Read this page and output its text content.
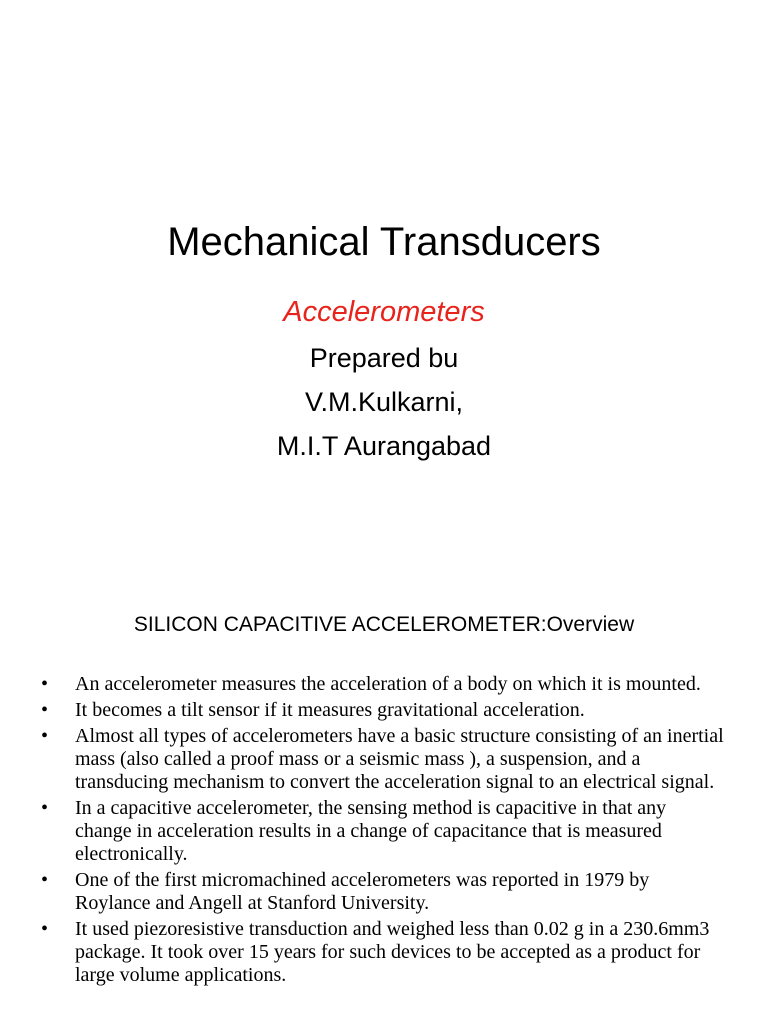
Mechanical Transducers
Accelerometers
Prepared bu
V.M.Kulkarni,
M.I.T Aurangabad
SILICON CAPACITIVE ACCELEROMETER:Overview
• An accelerometer measures the acceleration of a body on which it is mounted.
• It becomes a tilt sensor if it measures gravitational acceleration.
• Almost all types of accelerometers have a basic structure consisting of an inertial mass (also called a proof mass or a seismic mass ), a suspension, and a transducing mechanism to convert the acceleration signal to an electrical signal.
• In a capacitive accelerometer, the sensing method is capacitive in that any change in acceleration results in a change of capacitance that is measured electronically.
• One of the first micromachined accelerometers was reported in 1979 by Roylance and Angell at Stanford University.
• It used piezoresistive transduction and weighed less than 0.02 g in a 230.6mm3 package. It took over 15 years for such devices to be accepted as a product for large volume applications.
